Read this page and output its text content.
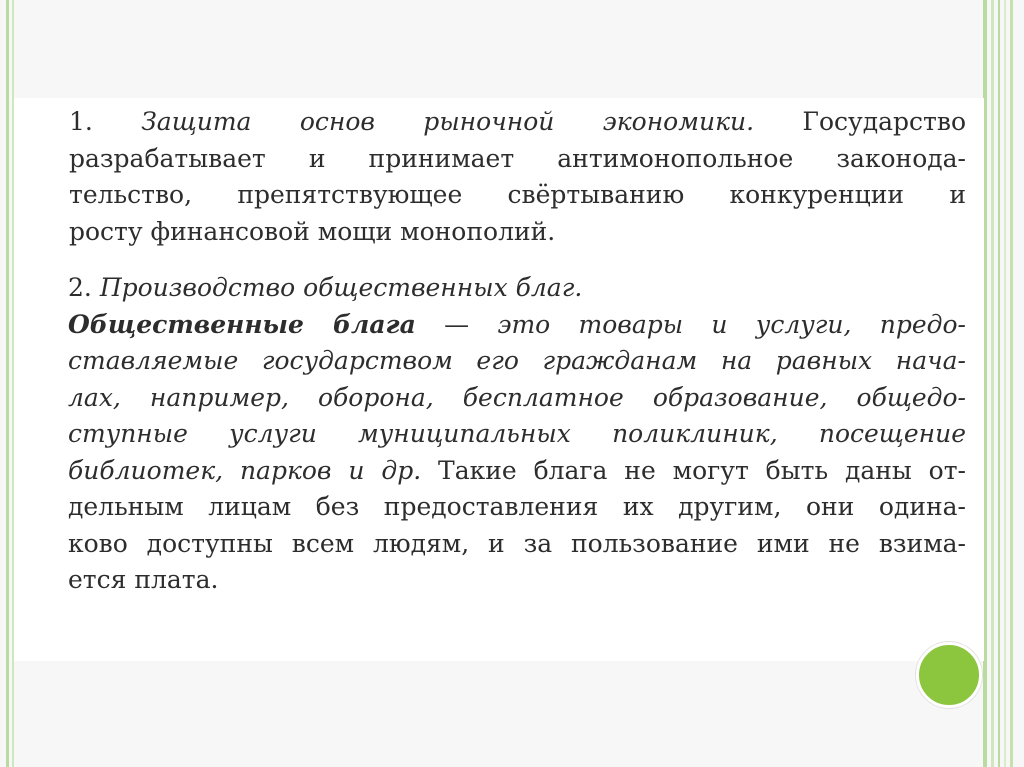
1. Защита основ рыночной экономики. Государство
разрабатывает и принимает антимонопольное законода-
тельство, препятствующее свёртыванию конкуренции и
росту финансовой мощи монополий.

2. Производство общественных благ.
Общественные блага — это товары и услуги, предо-
ставляемые государством его гражданам на равных нача-
лах, например, оборона, бесплатное образование, общедо-
ступные услуги муниципальных поликлиник, посещение
библиотек, парков и др. Такие блага не могут быть даны от-
дельным лицам без предоставления их другим, они одина-
ково доступны всем людям, и за пользование ими не взима-
ется плата.
